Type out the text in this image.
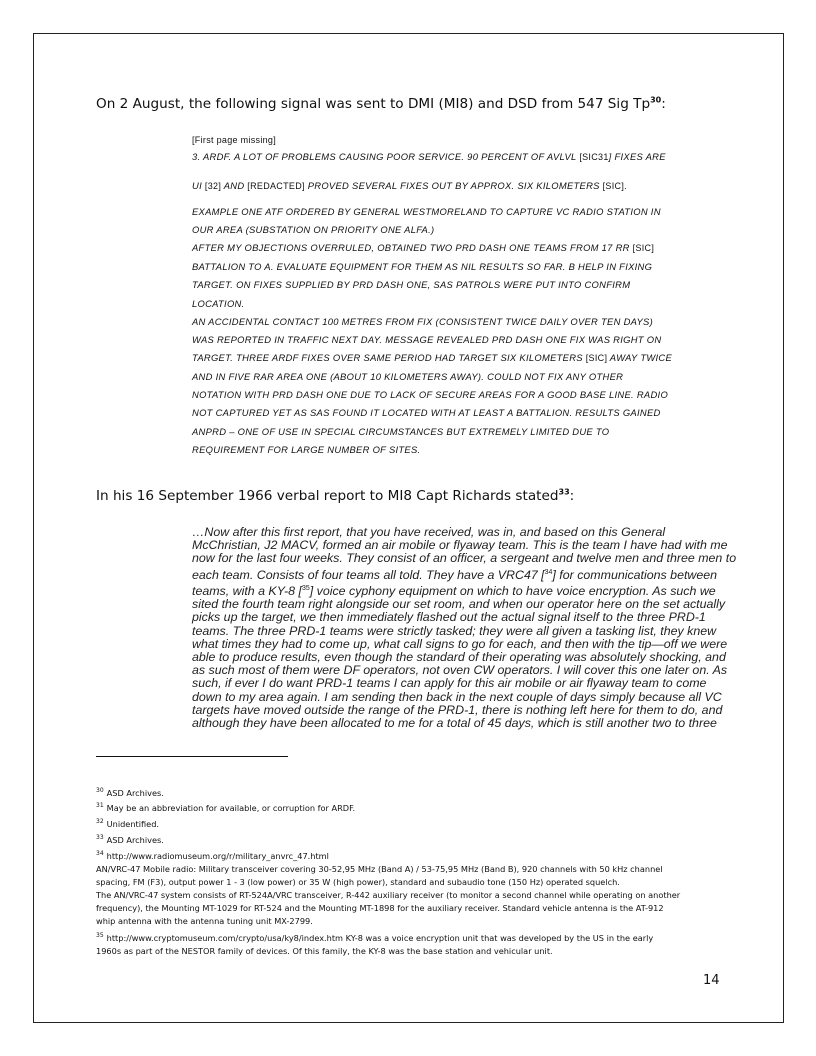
On 2 August, the following signal was sent to DMI (MI8) and DSD from 547 Sig Tp$^{30}$:
[First page missing]
3. ARDF. A LOT OF PROBLEMS CAUSING POOR SERVICE. 90 PERCENT OF AVLVL [SIC31] FIXES ARE
UI [32] AND [REDACTED] PROVED SEVERAL FIXES OUT BY APPROX. SIX KILOMETERS [SIC].
EXAMPLE ONE ATF ORDERED BY GENERAL WESTMORELAND TO CAPTURE VC RADIO STATION IN
OUR AREA (SUBSTATION ON PRIORITY ONE ALFA.)
AFTER MY OBJECTIONS OVERRULED, OBTAINED TWO PRD DASH ONE TEAMS FROM 17 RR [SIC]
BATTALION TO A. EVALUATE EQUIPMENT FOR THEM AS NIL RESULTS SO FAR. B HELP IN FIXING
TARGET. ON FIXES SUPPLIED BY PRD DASH ONE, SAS PATROLS WERE PUT INTO CONFIRM
LOCATION.
AN ACCIDENTAL CONTACT 100 METRES FROM FIX (CONSISTENT TWICE DAILY OVER TEN DAYS)
WAS REPORTED IN TRAFFIC NEXT DAY. MESSAGE REVEALED PRD DASH ONE FIX WAS RIGHT ON
TARGET. THREE ARDF FIXES OVER SAME PERIOD HAD TARGET SIX KILOMETERS [SIC] AWAY TWICE
AND IN FIVE RAR AREA ONE (ABOUT 10 KILOMETERS AWAY). COULD NOT FIX ANY OTHER
NOTATION WITH PRD DASH ONE DUE TO LACK OF SECURE AREAS FOR A GOOD BASE LINE. RADIO
NOT CAPTURED YET AS SAS FOUND IT LOCATED WITH AT LEAST A BATTALION. RESULTS GAINED
ANPRD – ONE OF USE IN SPECIAL CIRCUMSTANCES BUT EXTREMELY LIMITED DUE TO
REQUIREMENT FOR LARGE NUMBER OF SITES.
In his 16 September 1966 verbal report to MI8 Capt Richards stated$^{33}$:
…Now after this first report, that you have received, was in, and based on this General
McChristian, J2 MACV, formed an air mobile or flyaway team. This is the team I have had with me
now for the last four weeks. They consist of an officer, a sergeant and twelve men and three men to
each team. Consists of four teams all told. They have a VRC47 [$^{34}$] for communications between
teams, with a KY-8 [$^{35}$] voice cyphony equipment on which to have voice encryption. As such we
sited the fourth team right alongside our set room, and when our operator here on the set actually
picks up the target, we then immediately flashed out the actual signal itself to the three PRD-1
teams. The three PRD-1 teams were strictly tasked; they were all given a tasking list, they knew
what times they had to come up, what call signs to go for each, and then with the tip—off we were
able to produce results, even though the standard of their operating was absolutely shocking, and
as such most of them were DF operators, not oven CW operators. I will cover this one later on. As
such, if ever I do want PRD-1 teams I can apply for this air mobile or air flyaway team to come
down to my area again. I am sending then back in the next couple of days simply because all VC
targets have moved outside the range of the PRD-1, there is nothing left here for them to do, and
although they have been allocated to me for a total of 45 days, which is still another two to three
$^{30}$ ASD Archives.
$^{31}$ May be an abbreviation for available, or corruption for ARDF.
$^{32}$ Unidentified.
$^{33}$ ASD Archives.
$^{34}$ http://www.radiomuseum.org/r/military_anvrc_47.html
AN/VRC-47 Mobile radio: Military transceiver covering 30-52,95 MHz (Band A) / 53-75,95 MHz (Band B), 920 channels with 50 kHz channel
spacing, FM (F3), output power 1 - 3 (low power) or 35 W (high power), standard and subaudio tone (150 Hz) operated squelch.
The AN/VRC-47 system consists of RT-524A/VRC transceiver, R-442 auxiliary receiver (to monitor a second channel while operating on another
frequency), the Mounting MT-1029 for RT-524 and the Mounting MT-1898 for the auxiliary receiver. Standard vehicle antenna is the AT-912
whip antenna with the antenna tuning unit MX-2799.
$^{35}$ http://www.cryptomuseum.com/crypto/usa/ky8/index.htm KY-8 was a voice encryption unit that was developed by the US in the early
1960s as part of the NESTOR family of devices. Of this family, the KY-8 was the base station and vehicular unit.
14
